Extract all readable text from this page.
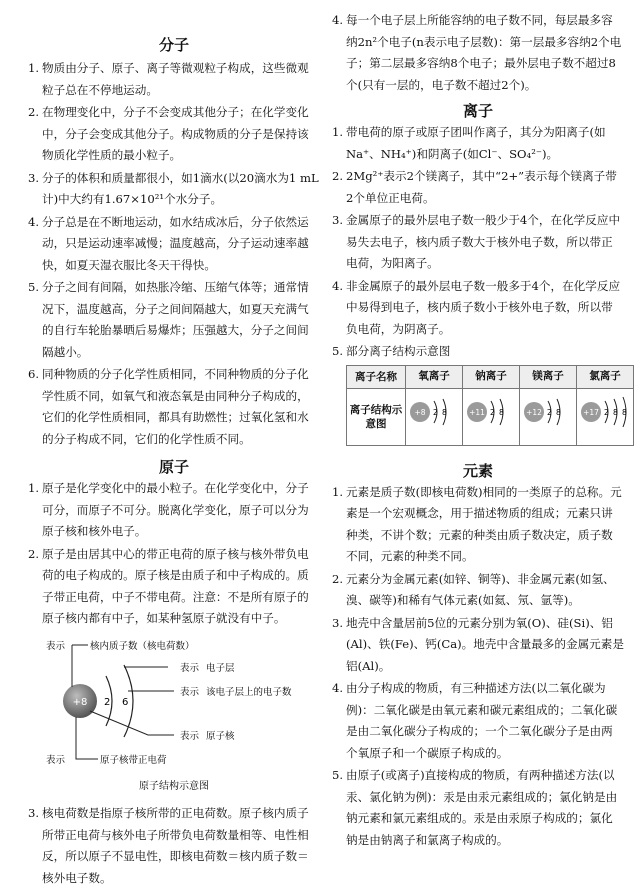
分子
1. 物质由分子、原子、离子等微观粒子构成，这些微观粒子总在不停地运动。
2. 在物理变化中，分子不会变成其他分子；在化学变化中，分子会变成其他分子。构成物质的分子是保持该物质化学性质的最小粒子。
3. 分子的体积和质量都很小，如1滴水(以20滴水为1 mL计)中大约有1.67×10²¹个水分子。
4. 分子总是在不断地运动，如水结成冰后，分子依然运动，只是运动速率减慢；温度越高，分子运动速率越快，如夏天湿衣服比冬天干得快。
5. 分子之间有间隔，如热胀冷缩、压缩气体等；通常情况下，温度越高，分子之间间隔越大，如夏天充满气的自行车轮胎暴晒后易爆炸；压强越大，分子之间间隔越小。
6. 同种物质的分子化学性质相同，不同种物质的分子化学性质不同，如氧气和液态氧是由同种分子构成的，它们的化学性质相同，都具有助燃性；过氧化氢和水的分子构成不同，它们的化学性质不同。
原子
1. 原子是化学变化中的最小粒子。在化学变化中，分子可分，而原子不可分。脱离化学变化，原子可以分为原子核和核外电子。
2. 原子是由居其中心的带正电荷的原子核与核外带负电荷的电子构成的。原子核是由质子和中子构成的。质子带正电荷，中子不带电荷。注意：不是所有原子的原子核内都有中子，如某种氢原子就没有中子。
+8 2 6
表示	核内质子数（核电荷数）
表示 电子层
表示 该电子层上的电子数
表示 原子核
表示	原子核带正电荷
原子结构示意图
3. 核电荷数是指原子核所带的正电荷数。原子核内质子所带正电荷与核外电子所带负电荷数量相等、电性相反，所以原子不显电性，即核电荷数＝核内质子数＝核外电子数。
4. 每一个电子层上所能容纳的电子数不同，每层最多容纳2n²个电子(n表示电子层数)：第一层最多容纳2个电子；第二层最多容纳8个电子；最外层电子数不超过8个(只有一层的，电子数不超过2个)。
离子
1. 带电荷的原子或原子团叫作离子，其分为阳离子(如Na⁺、NH₄⁺)和阴离子(如Cl⁻、SO₄²⁻)。
2. 2Mg²⁺表示2个镁离子，其中“2+”表示每个镁离子带2个单位正电荷。
3. 金属原子的最外层电子数一般少于4个，在化学反应中易失去电子，核内质子数大于核外电子数，所以带正电荷，为阳离子。
4. 非金属原子的最外层电子数一般多于4个，在化学反应中易得到电子，核内质子数小于核外电子数，所以带负电荷，为阴离子。
5. 部分离子结构示意图
离子名称	氧离子	钠离子	镁离子	氯离子
离子结构示意图	+8 2 8	+11 2 8	+12 2 8	+17 2 8 8
元素
1. 元素是质子数(即核电荷数)相同的一类原子的总称。元素是一个宏观概念，用于描述物质的组成；元素只讲种类，不讲个数；元素的种类由质子数决定，质子数不同，元素的种类不同。
2. 元素分为金属元素(如锌、铜等)、非金属元素(如氢、溴、碳等)和稀有气体元素(如氦、氖、氩等)。
3. 地壳中含量居前5位的元素分别为氧(O)、硅(Si)、铝(Al)、铁(Fe)、钙(Ca)。地壳中含量最多的金属元素是铝(Al)。
4. 由分子构成的物质，有三种描述方法(以二氧化碳为例)：二氧化碳是由氧元素和碳元素组成的；二氧化碳是由二氧化碳分子构成的；一个二氧化碳分子是由两个氧原子和一个碳原子构成的。
5. 由原子(或离子)直接构成的物质，有两种描述方法(以汞、氯化钠为例)：汞是由汞元素组成的；氯化钠是由钠元素和氯元素组成的。汞是由汞原子构成的；氯化钠是由钠离子和氯离子构成的。
